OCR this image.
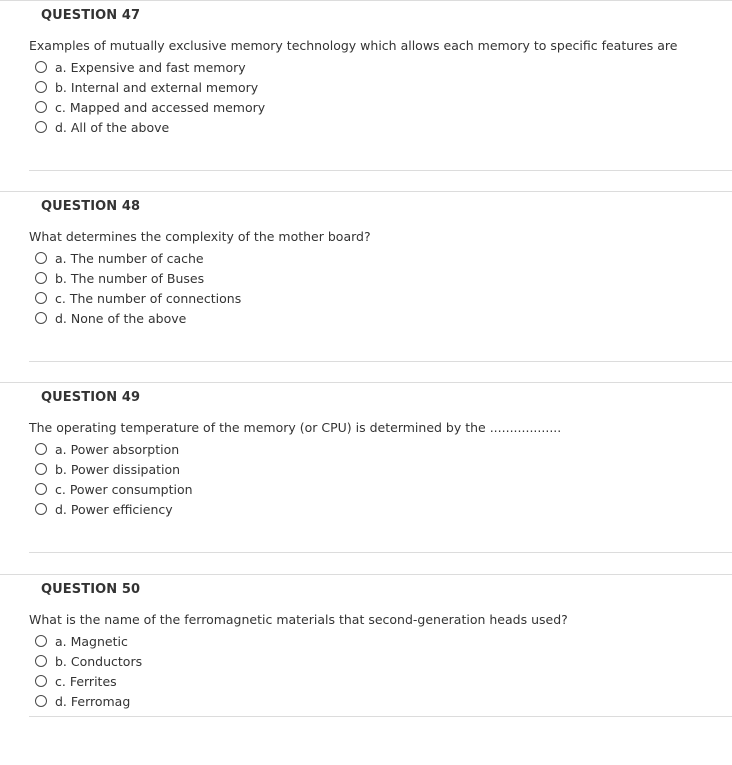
QUESTION 47
Examples of mutually exclusive memory technology which allows each memory to specific features are
a. Expensive and fast memory
b. Internal and external memory
c. Mapped and accessed memory
d. All of the above
QUESTION 48
What determines the complexity of the mother board?
a. The number of cache
b. The number of Buses
c. The number of connections
d. None of the above
QUESTION 49
The operating temperature of the memory (or CPU) is determined by the ..................
a. Power absorption
b. Power dissipation
c. Power consumption
d. Power efficiency
QUESTION 50
What is the name of the ferromagnetic materials that second-generation heads used?
a. Magnetic
b. Conductors
c. Ferrites
d. Ferromag
